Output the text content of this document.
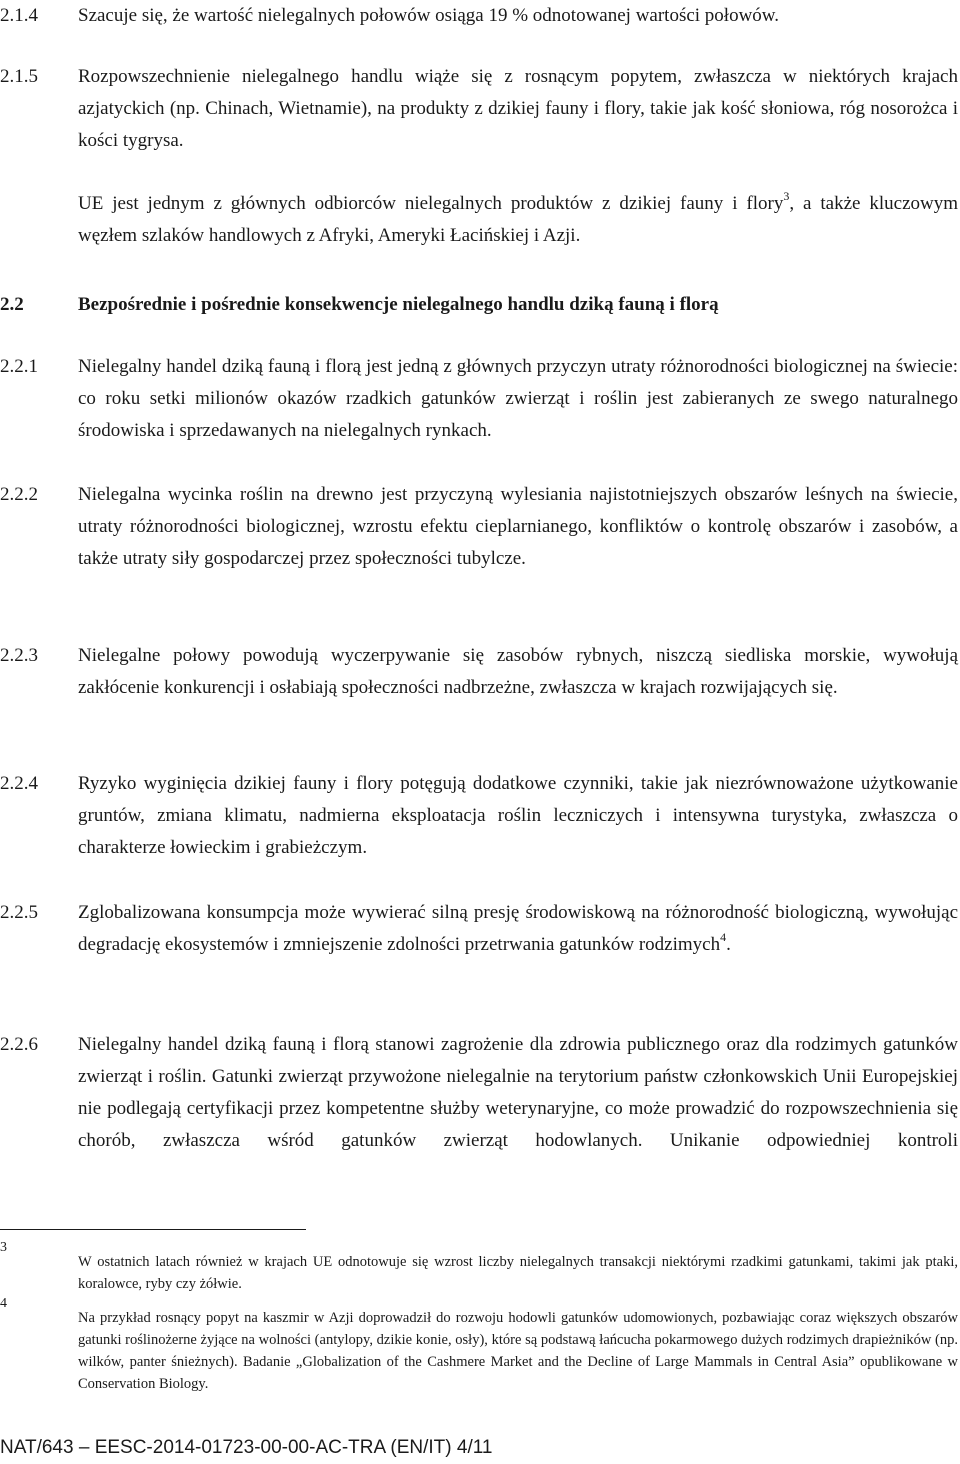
2.1.4	Szacuje się, że wartość nielegalnych połowów osiąga 19 % odnotowanej wartości połowów.
2.1.5	Rozpowszechnienie nielegalnego handlu wiąże się z rosnącym popytem, zwłaszcza w niektórych krajach azjatyckich (np. Chinach, Wietnamie), na produkty z dzikiej fauny i flory, takie jak kość słoniowa, róg nosorożca i kości tygrysa.
UE jest jednym z głównych odbiorców nielegalnych produktów z dzikiej fauny i flory$^3$, a także kluczowym węzłem szlaków handlowych z Afryki, Ameryki Łacińskiej i Azji.
2.2	Bezpośrednie i pośrednie konsekwencje nielegalnego handlu dziką fauną i florą
2.2.1	Nielegalny handel dziką fauną i florą jest jedną z głównych przyczyn utraty różnorodności biologicznej na świecie: co roku setki milionów okazów rzadkich gatunków zwierząt i roślin jest zabieranych ze swego naturalnego środowiska i sprzedawanych na nielegalnych rynkach.
2.2.2	Nielegalna wycinka roślin na drewno jest przyczyną wylesiania najistotniejszych obszarów leśnych na świecie, utraty różnorodności biologicznej, wzrostu efektu cieplarnianego, konfliktów o kontrolę obszarów i zasobów, a także utraty siły gospodarczej przez społeczności tubylcze.
2.2.3	Nielegalne połowy powodują wyczerpywanie się zasobów rybnych, niszczą siedliska morskie, wywołują zakłócenie konkurencji i osłabiają społeczności nadbrzeżne, zwłaszcza w krajach rozwijających się.
2.2.4	Ryzyko wyginięcia dzikiej fauny i flory potęgują dodatkowe czynniki, takie jak niezrównoważone użytkowanie gruntów, zmiana klimatu, nadmierna eksploatacja roślin leczniczych i intensywna turystyka, zwłaszcza o charakterze łowieckim i grabieżczym.
2.2.5	Zglobalizowana konsumpcja może wywierać silną presję środowiskową na różnorodność biologiczną, wywołując degradację ekosystemów i zmniejszenie zdolności przetrwania gatunków rodzimych$^4$.
2.2.6	Nielegalny handel dziką fauną i florą stanowi zagrożenie dla zdrowia publicznego oraz dla rodzimych gatunków zwierząt i roślin. Gatunki zwierząt przywożone nielegalnie na terytorium państw członkowskich Unii Europejskiej nie podlegają certyfikacji przez kompetentne służby weterynaryjne, co może prowadzić do rozpowszechnienia się chorób, zwłaszcza wśród gatunków zwierząt hodowlanych. Unikanie odpowiedniej kontroli
3
W ostatnich latach również w krajach UE odnotowuje się wzrost liczby nielegalnych transakcji niektórymi rzadkimi gatunkami, takimi jak ptaki, koralowce, ryby czy żółwie.
4
Na przykład rosnący popyt na kaszmir w Azji doprowadził do rozwoju hodowli gatunków udomowionych, pozbawiając coraz większych obszarów gatunki roślinożerne żyjące na wolności (antylopy, dzikie konie, osły), które są podstawą łańcucha pokarmowego dużych rodzimych drapieżników (np. wilków, panter śnieżnych). Badanie „Globalization of the Cashmere Market and the Decline of Large Mammals in Central Asia” opublikowane w Conservation Biology.
NAT/643 – EESC-2014-01723-00-00-AC-TRA (EN/IT) 4/11
